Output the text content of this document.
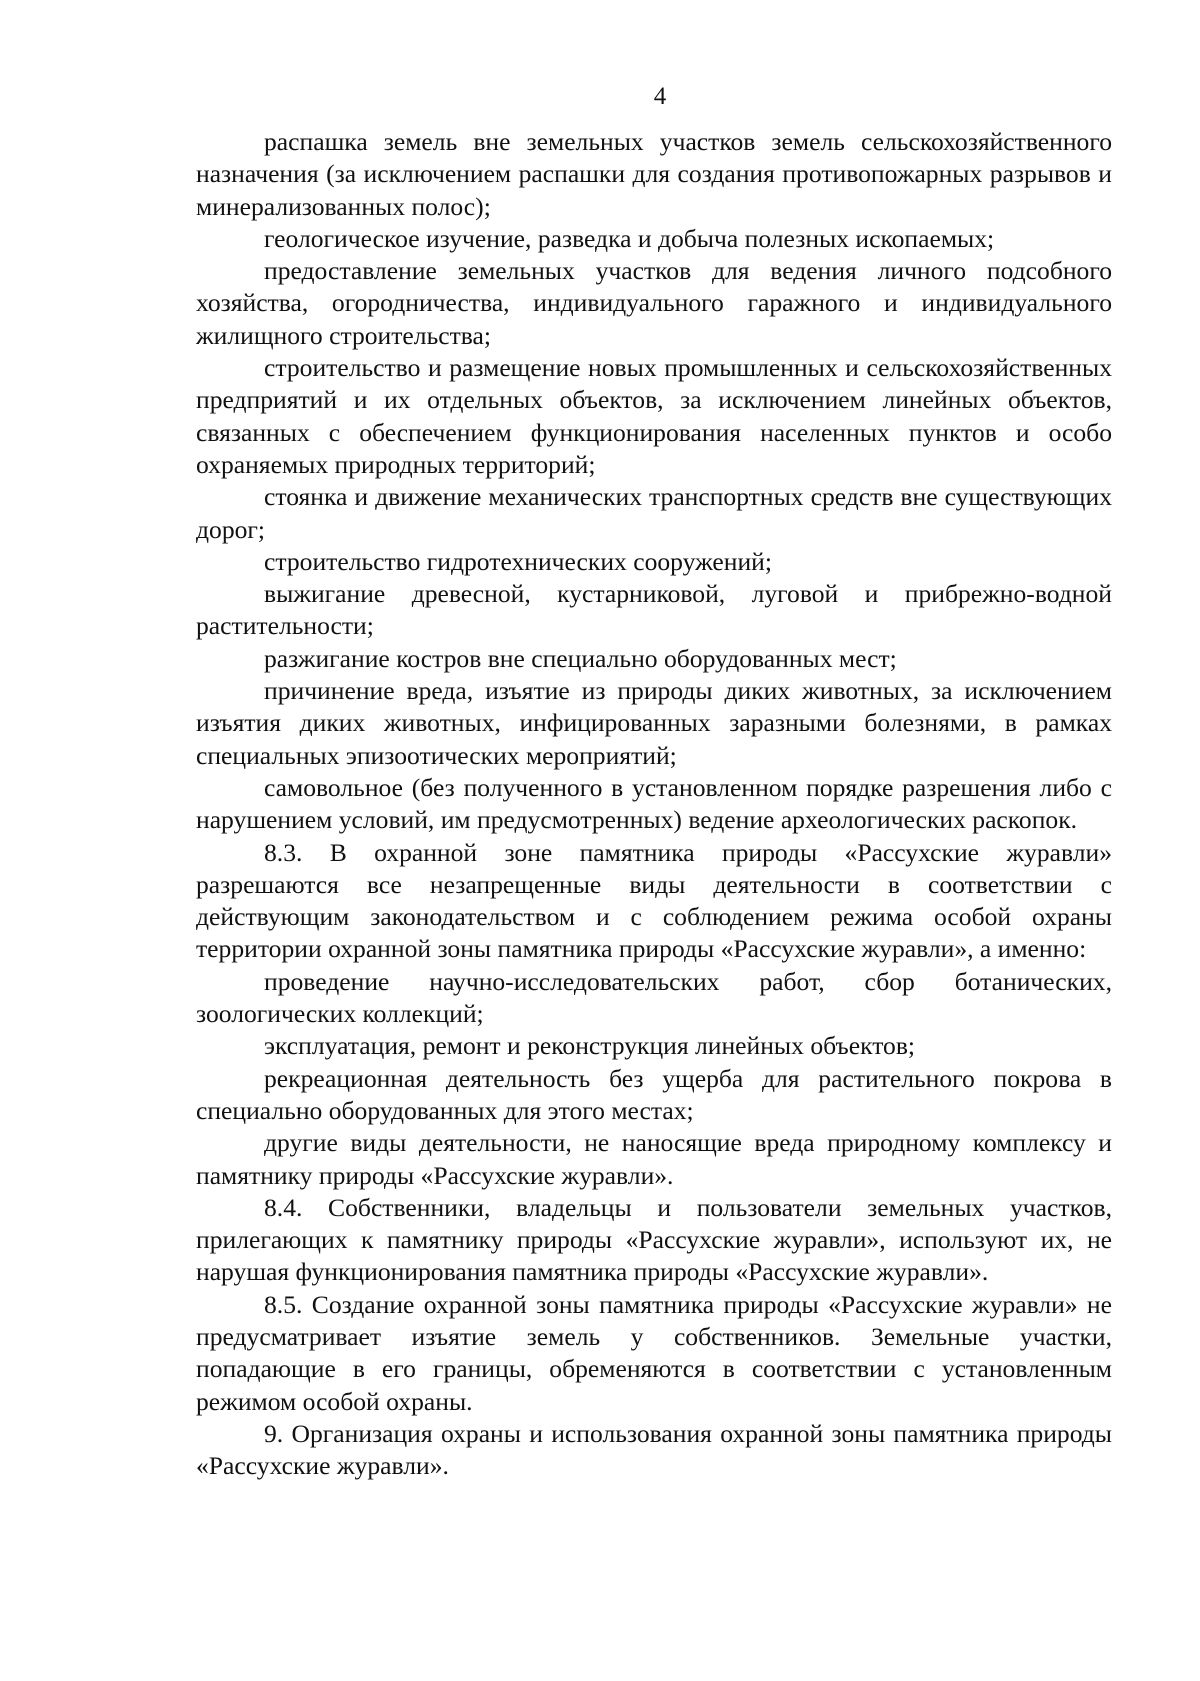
4

распашка земель вне земельных участков земель сельскохозяйственного назначения (за исключением распашки для создания противопожарных разрывов и минерализованных полос);

геологическое изучение, разведка и добыча полезных ископаемых;

предоставление земельных участков для ведения личного подсобного хозяйства, огородничества, индивидуального гаражного и индивидуального жилищного строительства;

строительство и размещение новых промышленных и сельскохозяйственных предприятий и их отдельных объектов, за исключением линейных объектов, связанных с обеспечением функционирования населенных пунктов и особо охраняемых природных территорий;

стоянка и движение механических транспортных средств вне существующих дорог;

строительство гидротехнических сооружений;

выжигание древесной, кустарниковой, луговой и прибрежно-водной растительности;

разжигание костров вне специально оборудованных мест;

причинение вреда, изъятие из природы диких животных, за исключением изъятия диких животных, инфицированных заразными болезнями, в рамках специальных эпизоотических мероприятий;

самовольное (без полученного в установленном порядке разрешения либо с нарушением условий, им предусмотренных) ведение археологических раскопок.

8.3. В охранной зоне памятника природы «Рассухские журавли» разрешаются все незапрещенные виды деятельности в соответствии с действующим законодательством и с соблюдением режима особой охраны территории охранной зоны памятника природы «Рассухские журавли», а именно:

проведение научно-исследовательских работ, сбор ботанических, зоологических коллекций;

эксплуатация, ремонт и реконструкция линейных объектов;

рекреационная деятельность без ущерба для растительного покрова в специально оборудованных для этого местах;

другие виды деятельности, не наносящие вреда природному комплексу и памятнику природы «Рассухские журавли».

8.4. Собственники, владельцы и пользователи земельных участков, прилегающих к памятнику природы «Рассухские журавли», используют их, не нарушая функционирования памятника природы «Рассухские журавли».

8.5. Создание охранной зоны памятника природы «Рассухские журавли» не предусматривает изъятие земель у собственников. Земельные участки, попадающие в его границы, обременяются в соответствии с установленным режимом особой охраны.

9. Организация охраны и использования охранной зоны памятника природы «Рассухские журавли».
